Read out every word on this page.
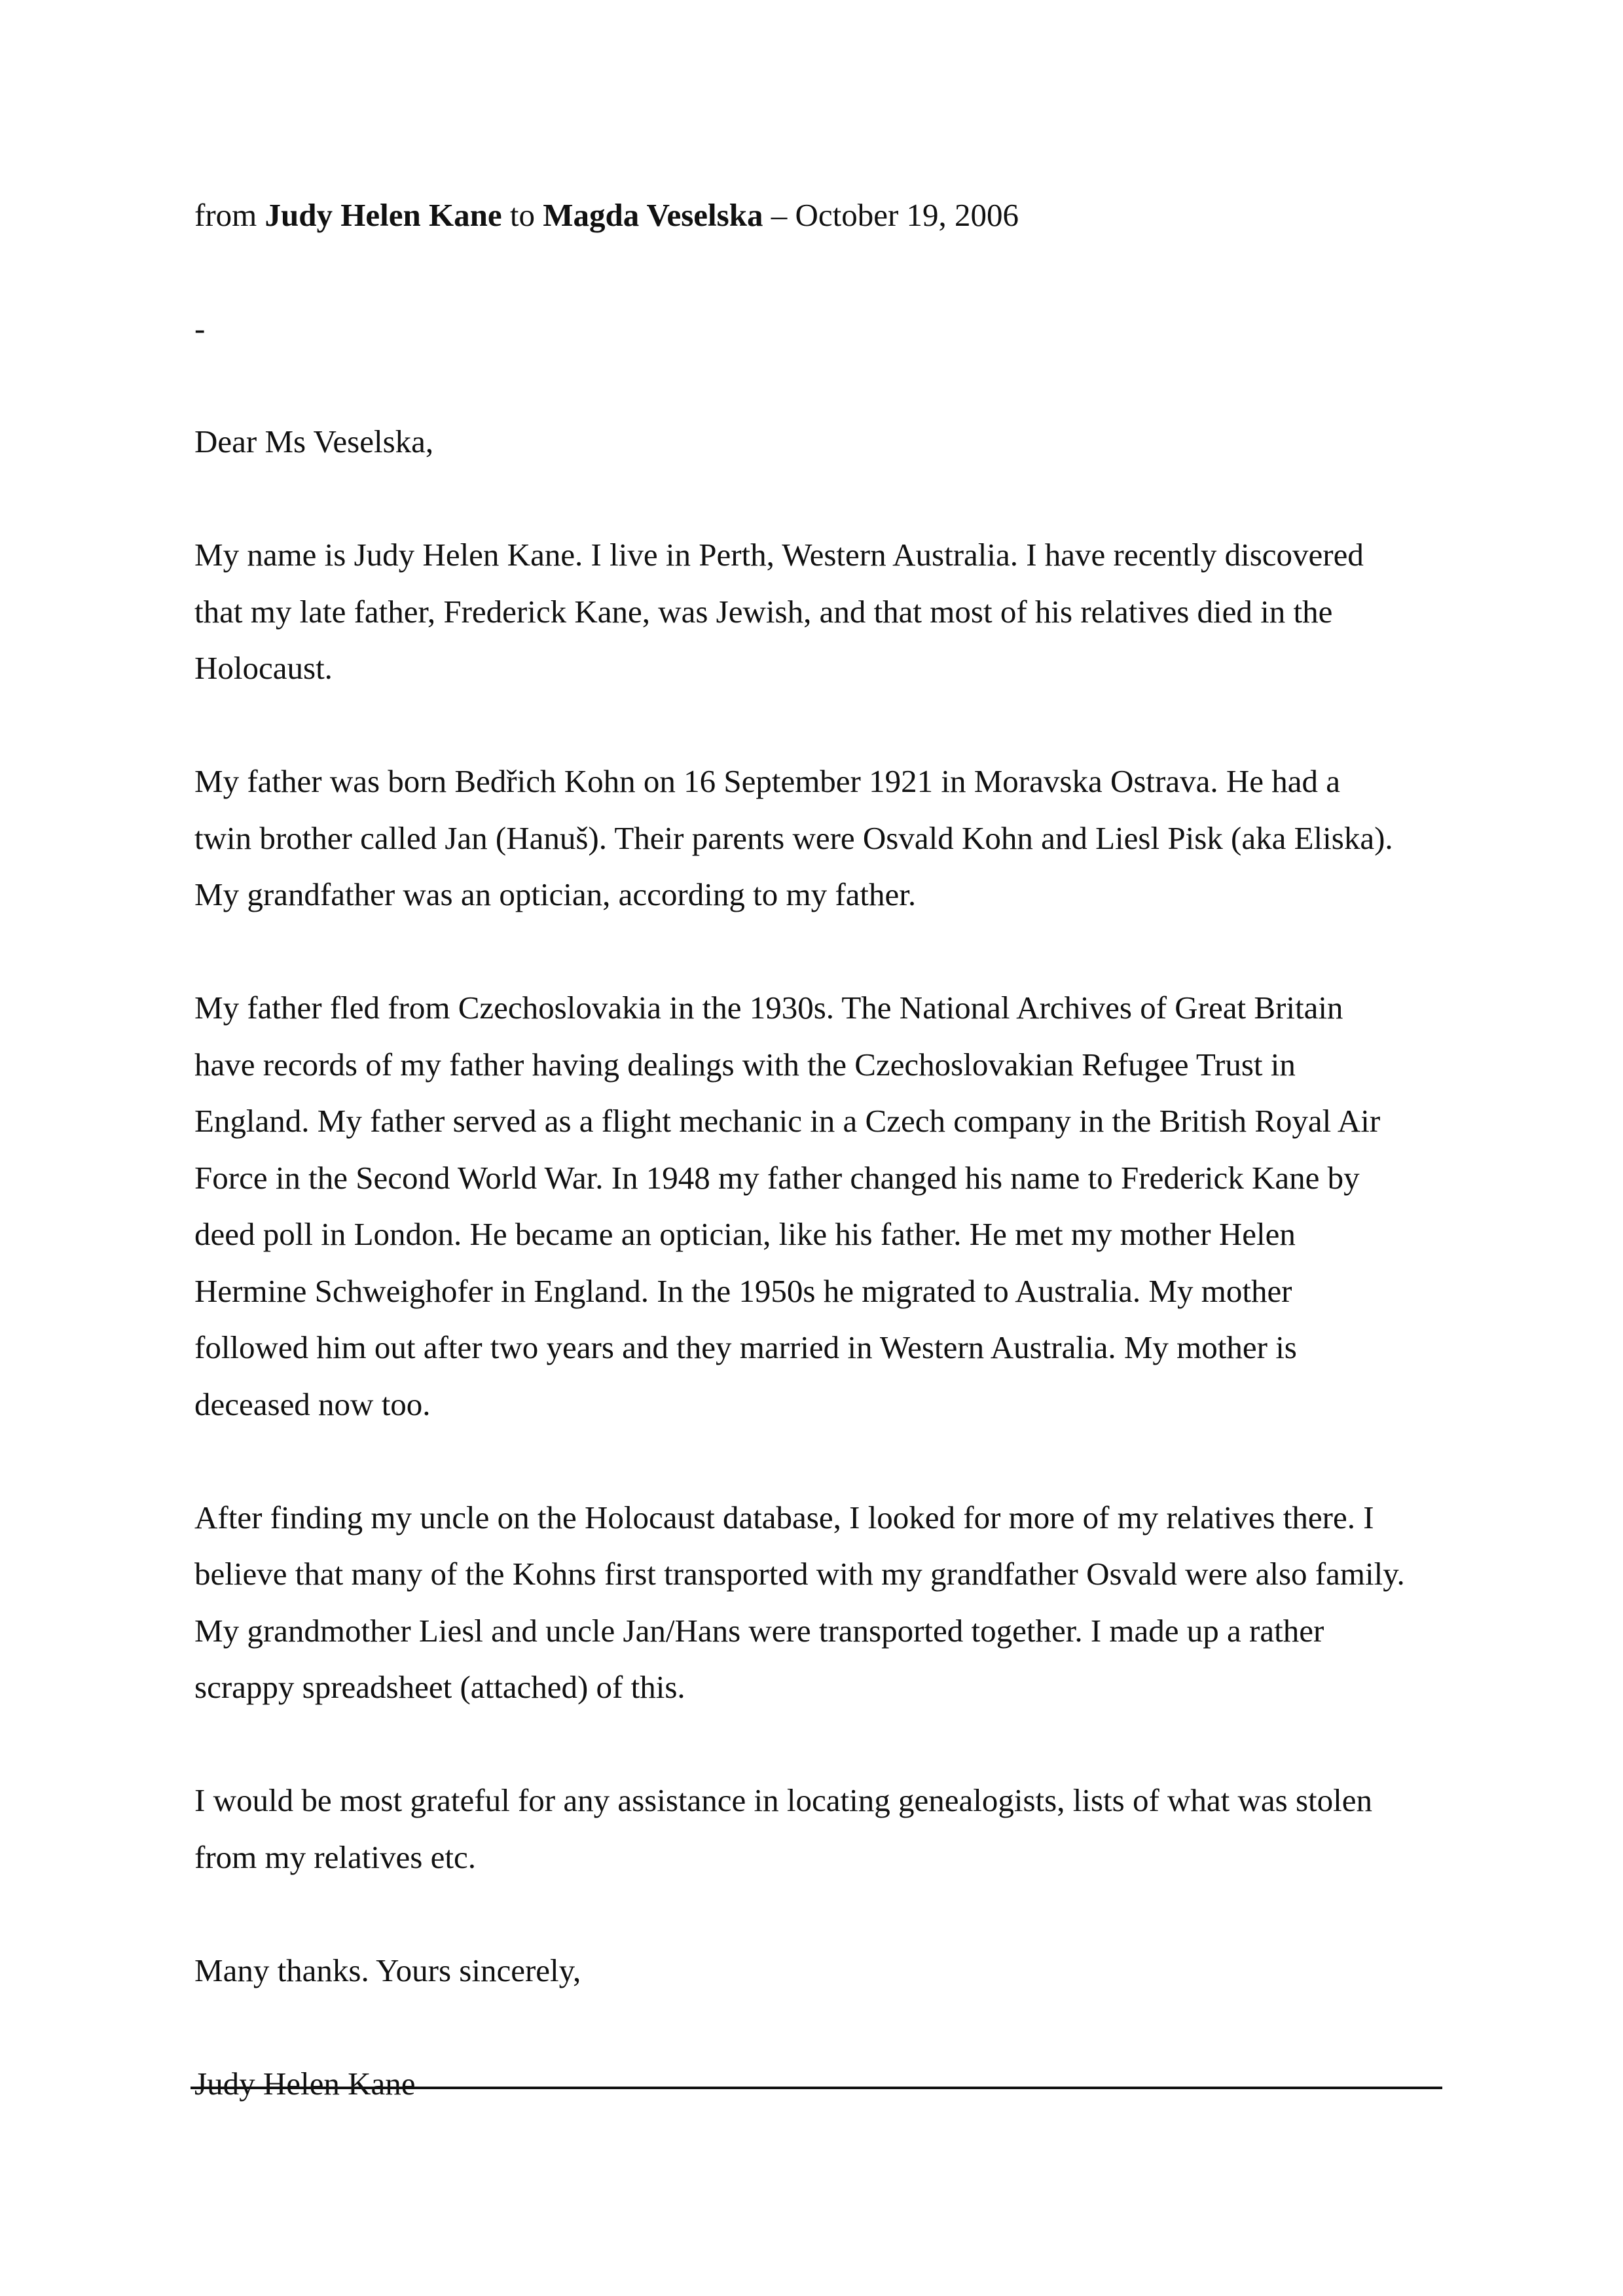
from Judy Helen Kane to Magda Veselska – October 19, 2006
-
Dear Ms Veselska,
My name is Judy Helen Kane. I live in Perth, Western Australia. I have recently discovered
that my late father, Frederick Kane, was Jewish, and that most of his relatives died in the
Holocaust.
My father was born Bedřich Kohn on 16 September 1921 in Moravska Ostrava. He had a
twin brother called Jan (Hanuš). Their parents were Osvald Kohn and Liesl Pisk (aka Eliska).
My grandfather was an optician, according to my father.
My father fled from Czechoslovakia in the 1930s. The National Archives of Great Britain
have records of my father having dealings with the Czechoslovakian Refugee Trust in
England. My father served as a flight mechanic in a Czech company in the British Royal Air
Force in the Second World War. In 1948 my father changed his name to Frederick Kane by
deed poll in London. He became an optician, like his father. He met my mother Helen
Hermine Schweighofer in England. In the 1950s he migrated to Australia. My mother
followed him out after two years and they married in Western Australia. My mother is
deceased now too.
After finding my uncle on the Holocaust database, I looked for more of my relatives there. I
believe that many of the Kohns first transported with my grandfather Osvald were also family.
My grandmother Liesl and uncle Jan/Hans were transported together. I made up a rather
scrappy spreadsheet (attached) of this.
I would be most grateful for any assistance in locating genealogists, lists of what was stolen
from my relatives etc.
Many thanks. Yours sincerely,
Judy Helen Kane
